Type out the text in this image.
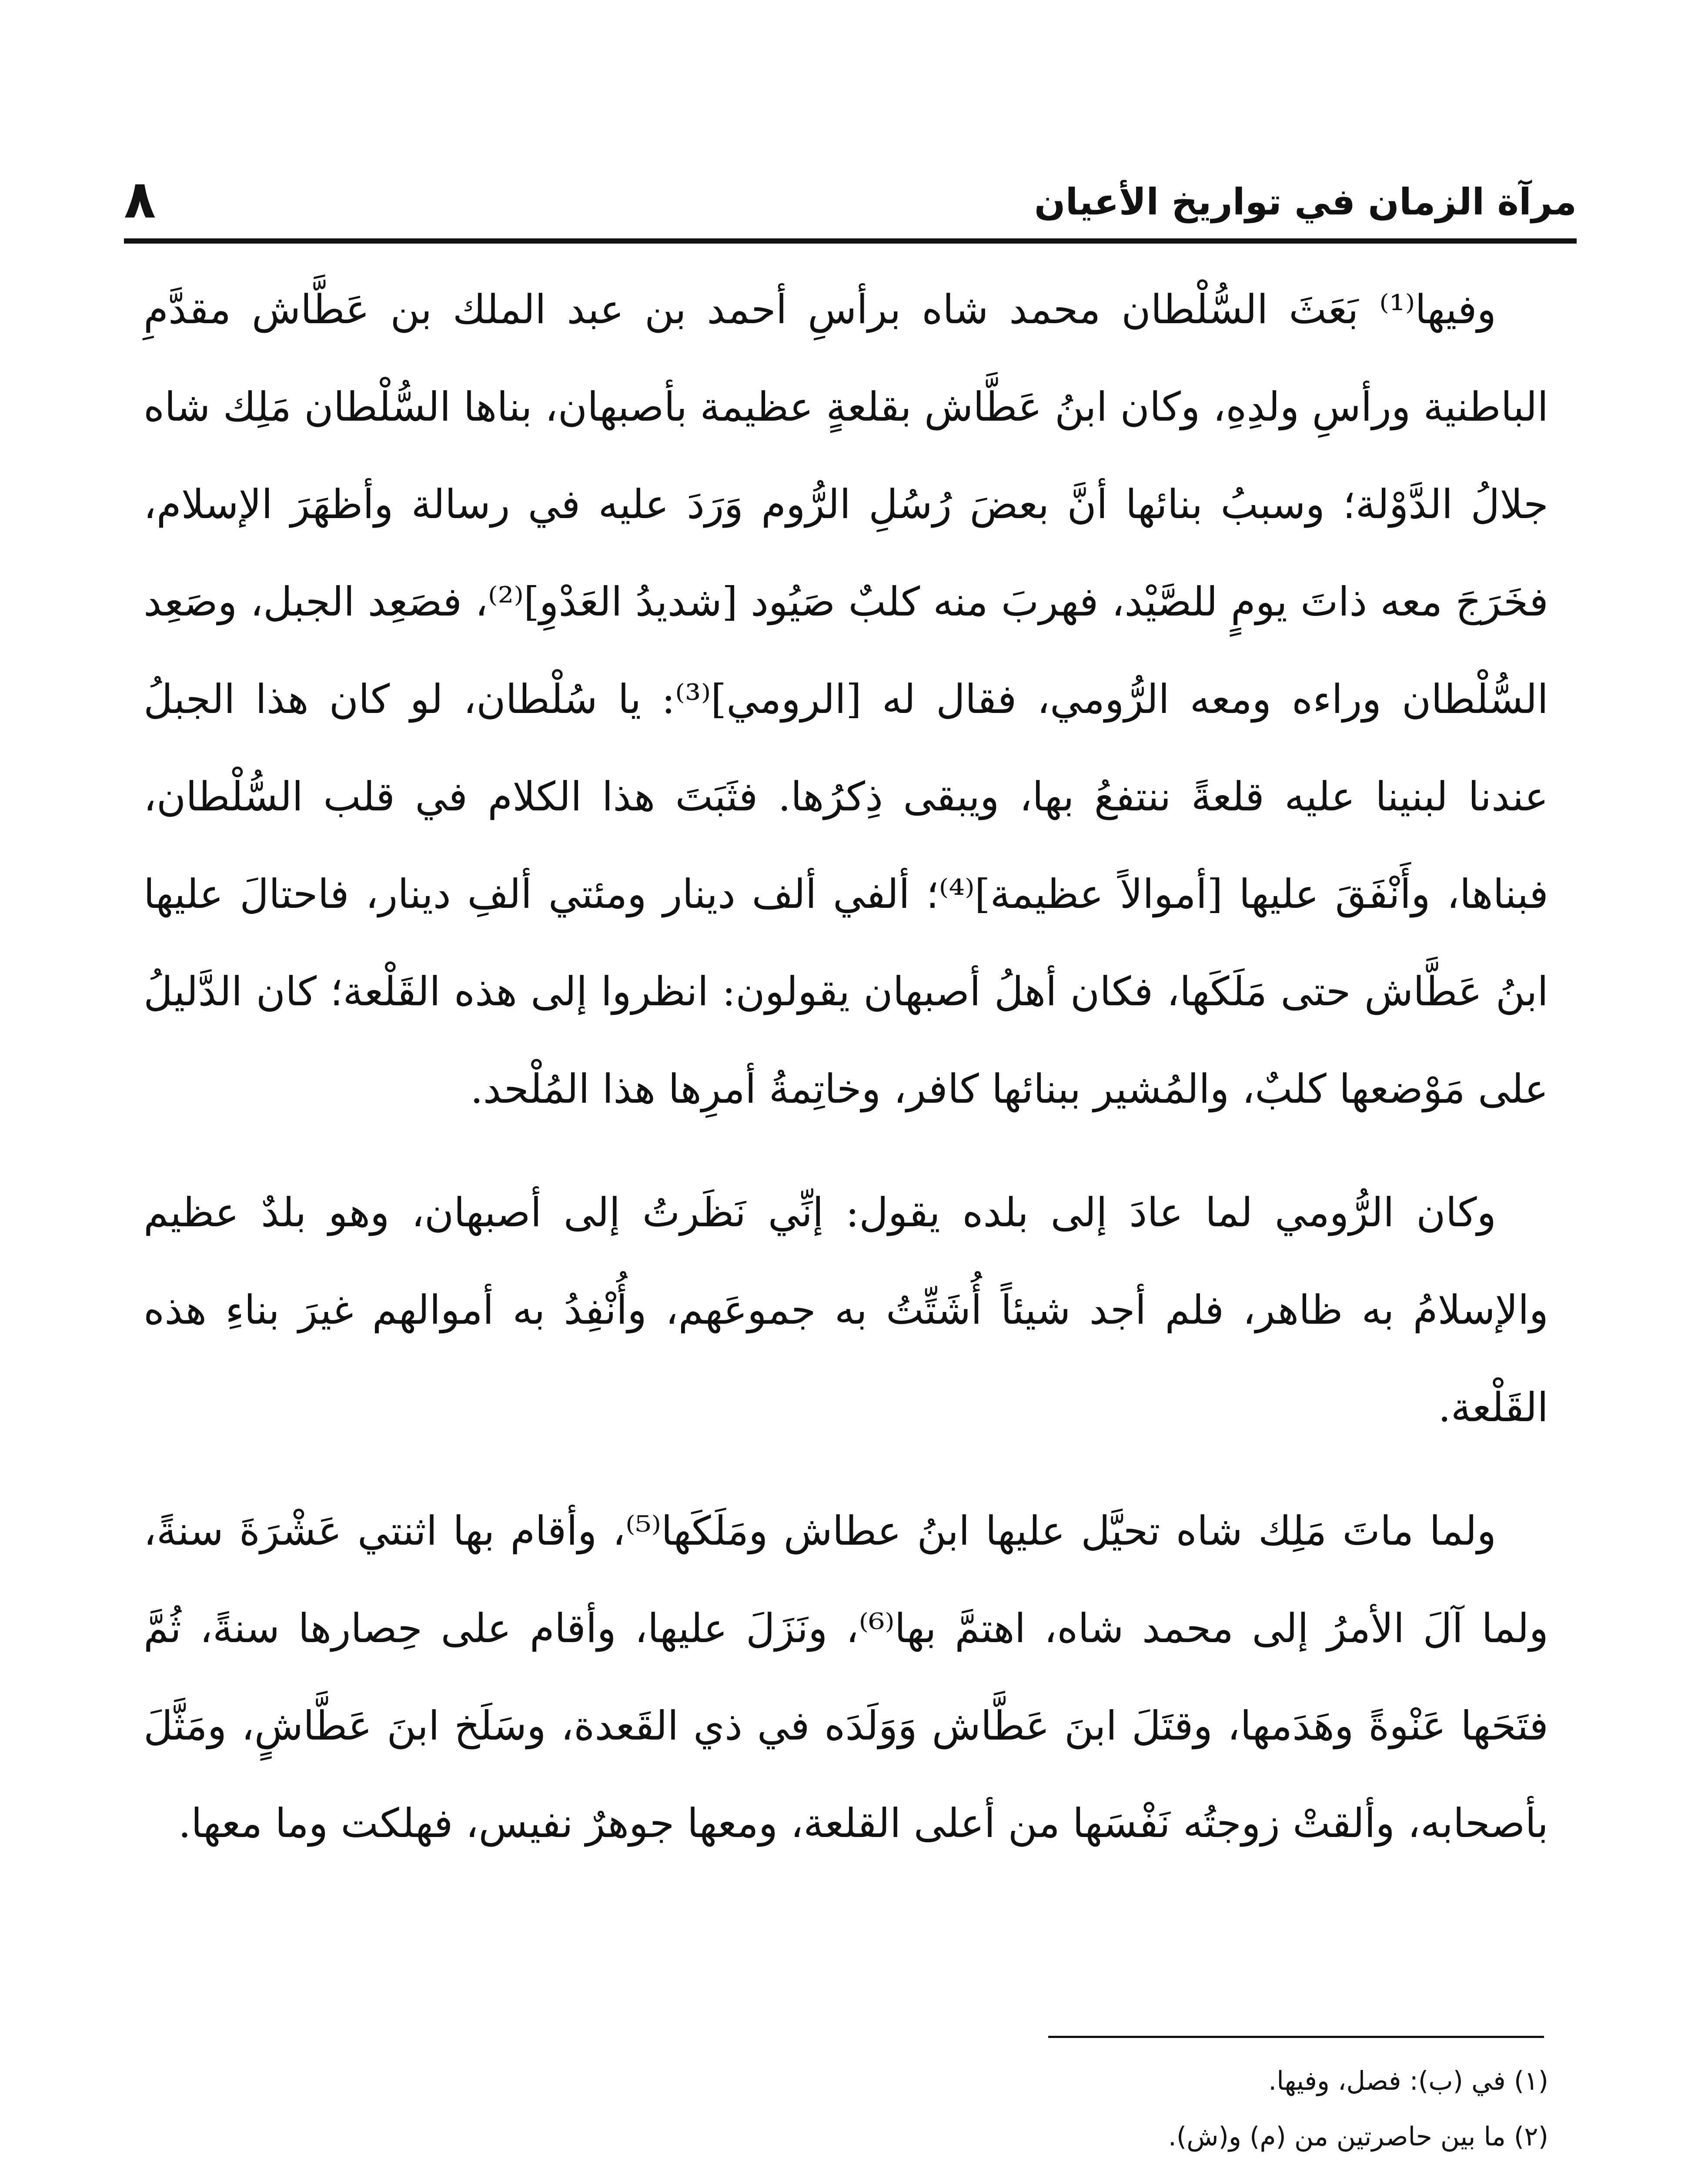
مرآة الزمان في تواريخ الأعيان
٨

وفيها⁽¹⁾ بَعَثَ السُّلْطان محمد شاه برأسِ أحمد بن عبد الملك بن عَطَّاش مقدَّمِ الباطنية ورأسِ ولدِهِ، وكان ابنُ عَطَّاش بقلعةٍ عظيمة بأصبهان، بناها السُّلْطان مَلِك شاه جلالُ الدَّوْلة؛ وسببُ بنائها أنَّ بعضَ رُسُلِ الرُّوم وَرَدَ عليه في رسالة وأظهَرَ الإسلام، فخَرَجَ معه ذاتَ يومٍ للصَّيْد، فهربَ منه كلبٌ صَيُود [شديدُ العَدْوِ]⁽²⁾، فصَعِد الجبل، وصَعِد السُّلْطان وراءه ومعه الرُّومي، فقال له [الرومي]⁽³⁾: يا سُلْطان، لو كان هذا الجبلُ عندنا لبنينا عليه قلعةً ننتفعُ بها، ويبقى ذِكرُها. فثَبَتَ هذا الكلام في قلب السُّلْطان، فبناها، وأَنْفَقَ عليها [أموالاً عظيمة]⁽⁴⁾؛ ألفي ألف دينار ومئتي ألفِ دينار، فاحتالَ عليها ابنُ عَطَّاش حتى مَلَكَها، فكان أهلُ أصبهان يقولون: انظروا إلى هذه القَلْعة؛ كان الدَّليلُ على مَوْضعها كلبٌ، والمُشير ببنائها كافر، وخاتِمةُ أمرِها هذا المُلْحد.

وكان الرُّومي لما عادَ إلى بلده يقول: إنِّي نَظَرتُ إلى أصبهان، وهو بلدٌ عظيم والإسلامُ به ظاهر، فلم أجد شيئاً أُشَتِّتُ به جموعَهم، وأُنْفِدُ به أموالهم غيرَ بناءِ هذه القَلْعة.

ولما ماتَ مَلِك شاه تحيَّل عليها ابنُ عطاش ومَلَكَها⁽⁵⁾، وأقام بها اثنتي عَشْرَةَ سنةً، ولما آلَ الأمرُ إلى محمد شاه، اهتمَّ بها⁽⁶⁾، ونَزَلَ عليها، وأقام على حِصارها سنةً، ثُمَّ فتَحَها عَنْوةً وهَدَمها، وقتَلَ ابنَ عَطَّاش وَوَلَدَه في ذي القَعدة، وسَلَخ ابنَ عَطَّاشٍ، ومَثَّلَ بأصحابه، وألقتْ زوجتُه نَفْسَها من أعلى القلعة، ومعها جوهرٌ نفيس، فهلكت وما معها.

(١) في (ب): فصل، وفيها.

(٢) ما بين حاصرتين من (م) و(ش).
